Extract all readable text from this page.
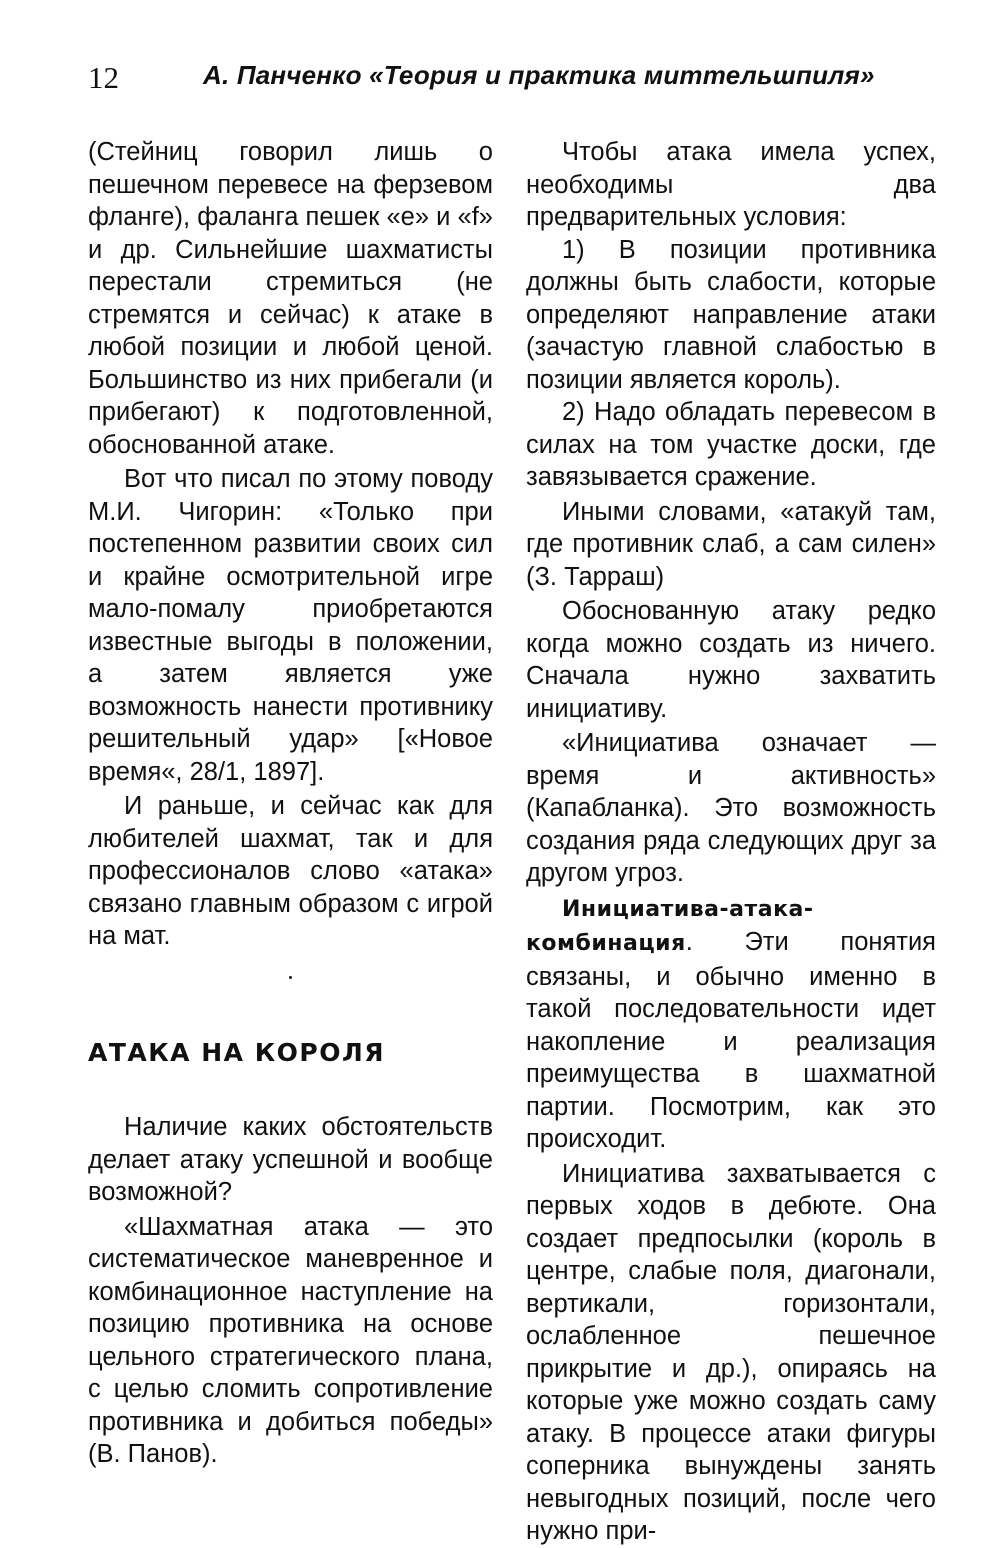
12	А. Панченко «Теория и практика миттельшпиля»

(Стейниц говорил лишь о пешечном перевесе на ферзевом фланге), фаланга пешек «е» и «f» и др. Сильнейшие шахматисты перестали стремиться (не стремятся и сейчас) к атаке в любой позиции и любой ценой. Большинство из них прибегали (и прибегают) к подготовленной, обоснованной атаке.

Вот что писал по этому поводу М.И. Чигорин: «Только при постепенном развитии своих сил и крайне осмотрительной игре мало-помалу приобретаются известные выгоды в положении, а затем является уже возможность нанести противнику решительный удар» [«Новое время«, 28/1, 1897].

И раньше, и сейчас как для любителей шахмат, так и для профессионалов слово «атака» связано главным образом с игрой на мат.

АТАКА НА КОРОЛЯ

Наличие каких обстоятельств делает атаку успешной и вообще возможной?

«Шахматная атака — это систематическое маневренное и комбинационное наступление на позицию противника на основе цельного стратегического плана, с целью сломить сопротивление противника и добиться победы» (В. Панов).

Чтобы атака имела успех, необходимы два предварительных условия:

1) В позиции противника должны быть слабости, которые определяют направление атаки (зачастую главной слабостью в позиции является король).

2) Надо обладать перевесом в силах на том участке доски, где завязывается сражение.

Иными словами, «атакуй там, где противник слаб, а сам силен» (З. Тарраш)

Обоснованную атаку редко когда можно создать из ничего. Сначала нужно захватить инициативу.

«Инициатива означает — время и активность» (Капабланка). Это возможность создания ряда следующих друг за другом угроз.

Инициатива-атака-комбинация. Эти понятия связаны, и обычно именно в такой последовательности идет накопление и реализация преимущества в шахматной партии. Посмотрим, как это происходит.

Инициатива захватывается с первых ходов в дебюте. Она создает предпосылки (король в центре, слабые поля, диагонали, вертикали, горизонтали, ослабленное пешечное прикрытие и др.), опираясь на которые уже можно создать саму атаку. В процессе атаки фигуры соперника вынуждены занять невыгодных позиций, после чего нужно при-
